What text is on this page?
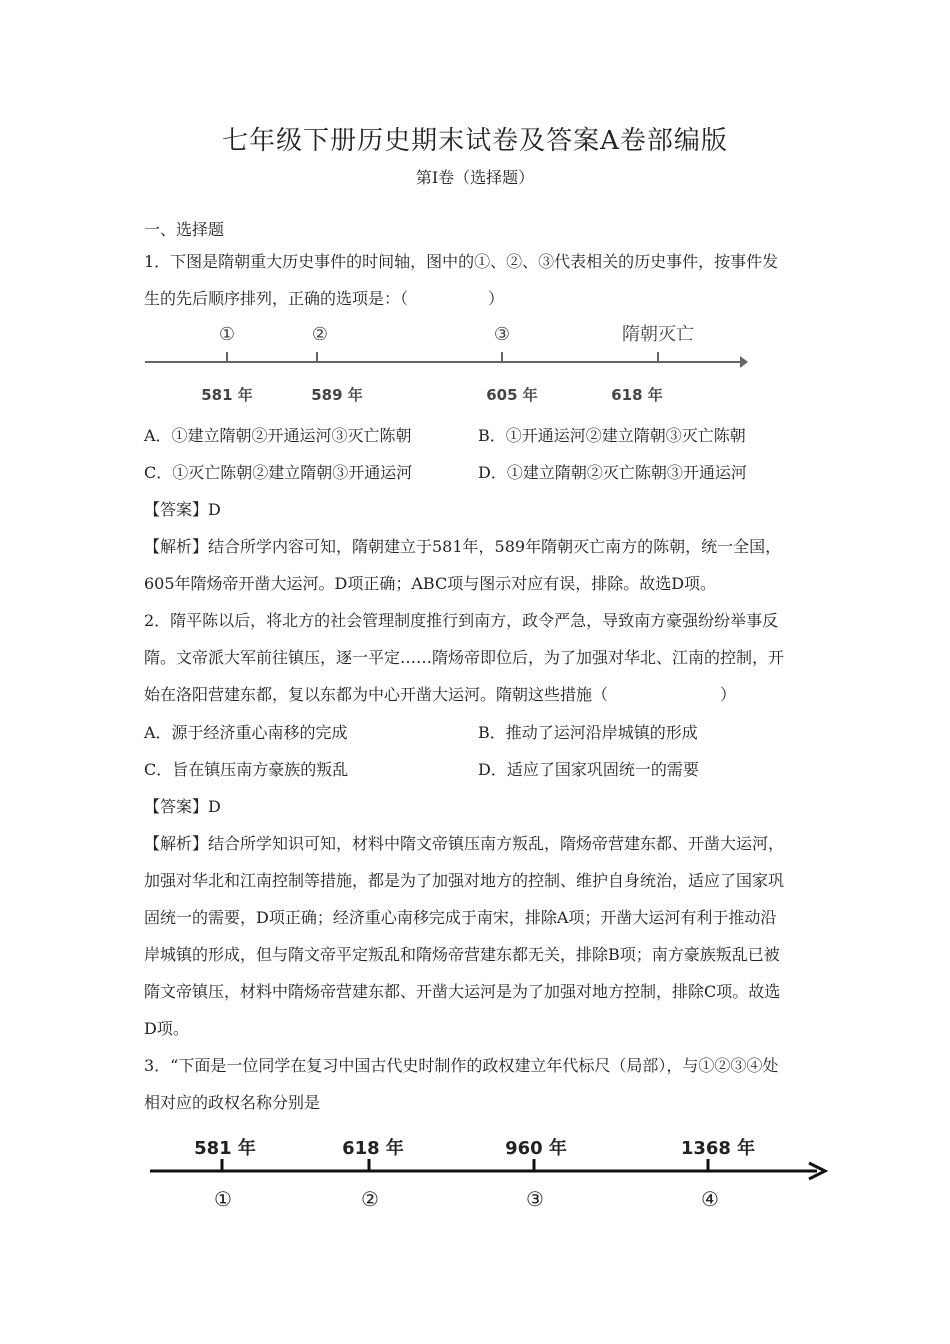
七年级下册历史期末试卷及答案A卷部编版
第I卷（选择题）
一、选择题
1．下图是隋朝重大历史事件的时间轴，图中的①、②、③代表相关的历史事件，按事件发
生的先后顺序排列，正确的选项是：（　　　　　）
①	②	③	隋朝灭亡
581 年	589 年	605 年	618 年
A．①建立隋朝②开通运河③灭亡陈朝	B．①开通运河②建立隋朝③灭亡陈朝
C．①灭亡陈朝②建立隋朝③开通运河	D．①建立隋朝②灭亡陈朝③开通运河
【答案】D
【解析】结合所学内容可知，隋朝建立于581年，589年隋朝灭亡南方的陈朝，统一全国，
605年隋炀帝开凿大运河。D项正确；ABC项与图示对应有误，排除。故选D项。
2．隋平陈以后，将北方的社会管理制度推行到南方，政令严急，导致南方豪强纷纷举事反
隋。文帝派大军前往镇压，逐一平定……隋炀帝即位后，为了加强对华北、江南的控制，开
始在洛阳营建东都，复以东都为中心开凿大运河。隋朝这些措施（　　　　　　　）
A．源于经济重心南移的完成	B．推动了运河沿岸城镇的形成
C．旨在镇压南方豪族的叛乱	D．适应了国家巩固统一的需要
【答案】D
【解析】结合所学知识可知，材料中隋文帝镇压南方叛乱，隋炀帝营建东都、开凿大运河，
加强对华北和江南控制等措施，都是为了加强对地方的控制、维护自身统治，适应了国家巩
固统一的需要，D项正确；经济重心南移完成于南宋，排除A项；开凿大运河有利于推动沿
岸城镇的形成，但与隋文帝平定叛乱和隋炀帝营建东都无关，排除B项；南方豪族叛乱已被
隋文帝镇压，材料中隋炀帝营建东都、开凿大运河是为了加强对地方控制，排除C项。故选
D项。
3．“下面是一位同学在复习中国古代史时制作的政权建立年代标尺（局部），与①②③④处
相对应的政权名称分别是
581 年	618 年	960 年	1368 年
①	②	③	④
